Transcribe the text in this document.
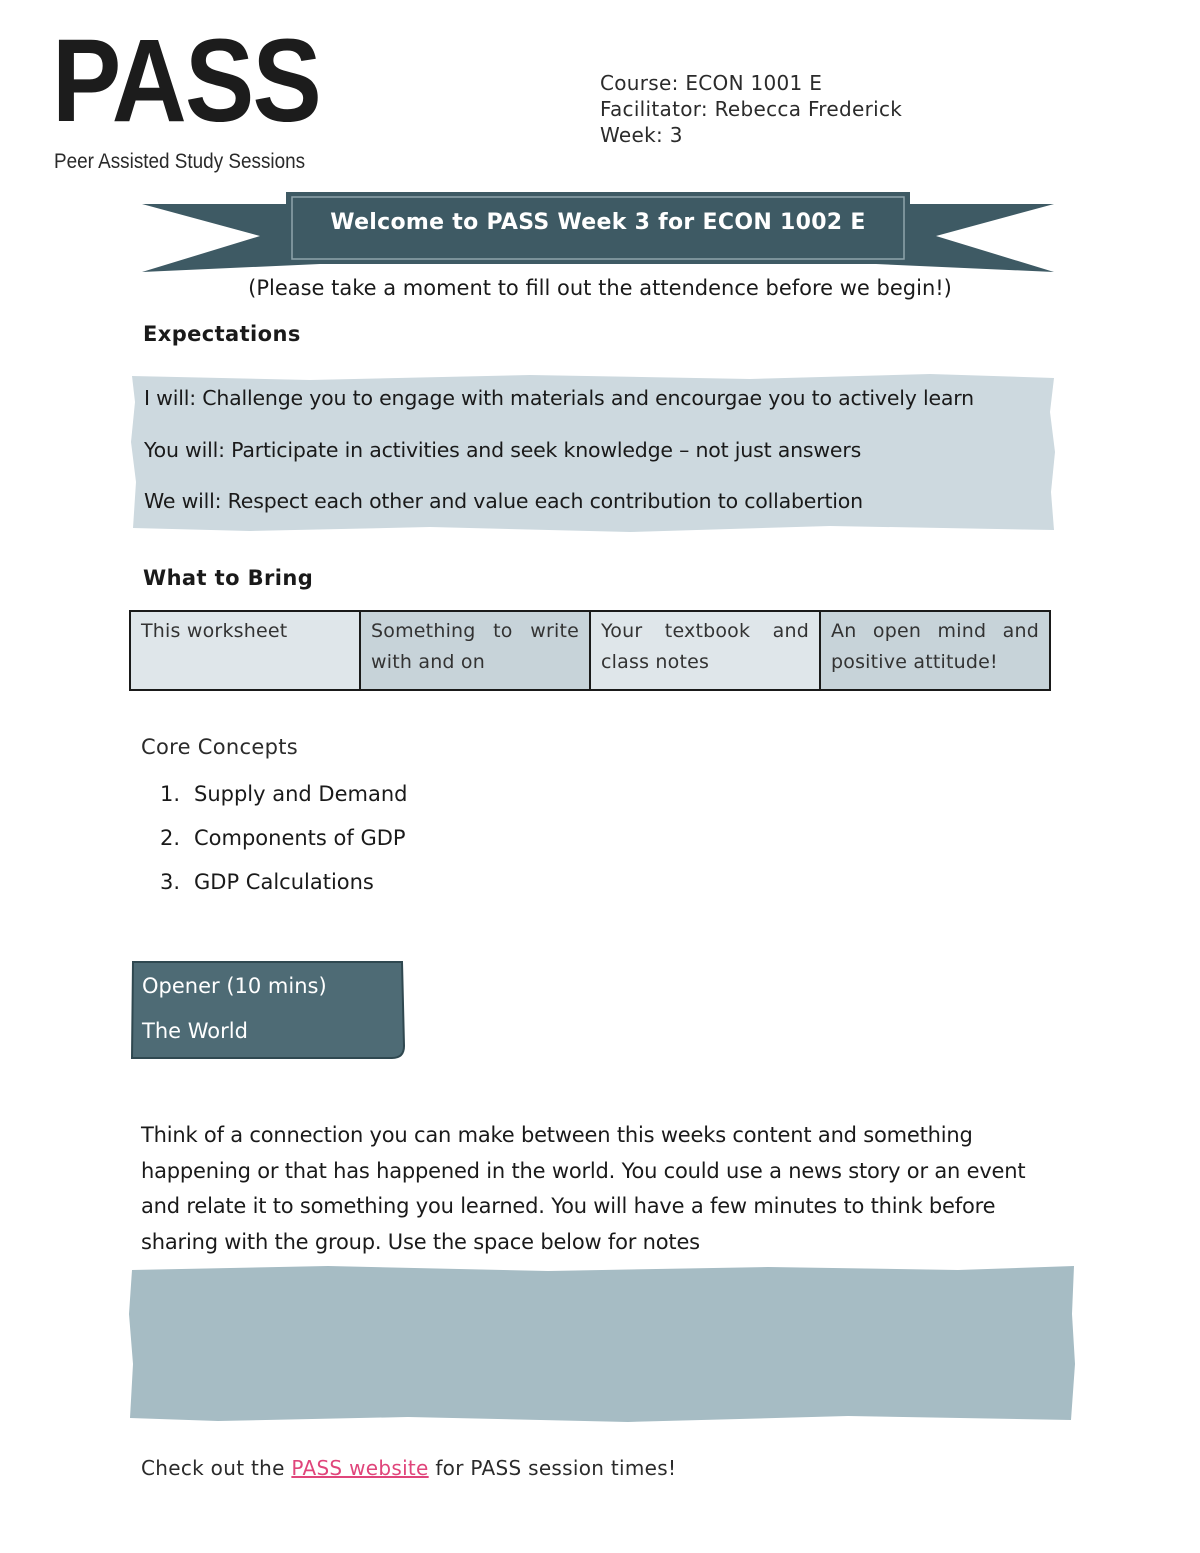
PASS
Peer Assisted Study Sessions
Course: ECON 1001 E
Facilitator: Rebecca Frederick
Week: 3
Welcome to PASS Week 3 for ECON 1002 E
(Please take a moment to fill out the attendence before we begin!)
Expectations
I will: Challenge you to engage with materials and encourgae you to actively learn
You will: Participate in activities and seek knowledge – not just answers
We will: Respect each other and value each contribution to collabertion
What to Bring
This worksheet	Something to write with and on	Your textbook and class notes	An open mind and positive attitude!
Core Concepts
1. Supply and Demand
2. Components of GDP
3. GDP Calculations
Opener (10 mins)
The World
Think of a connection you can make between this weeks content and something happening or that has happened in the world. You could use a news story or an event and relate it to something you learned. You will have a few minutes to think before sharing with the group. Use the space below for notes
Check out the PASS website for PASS session times!
